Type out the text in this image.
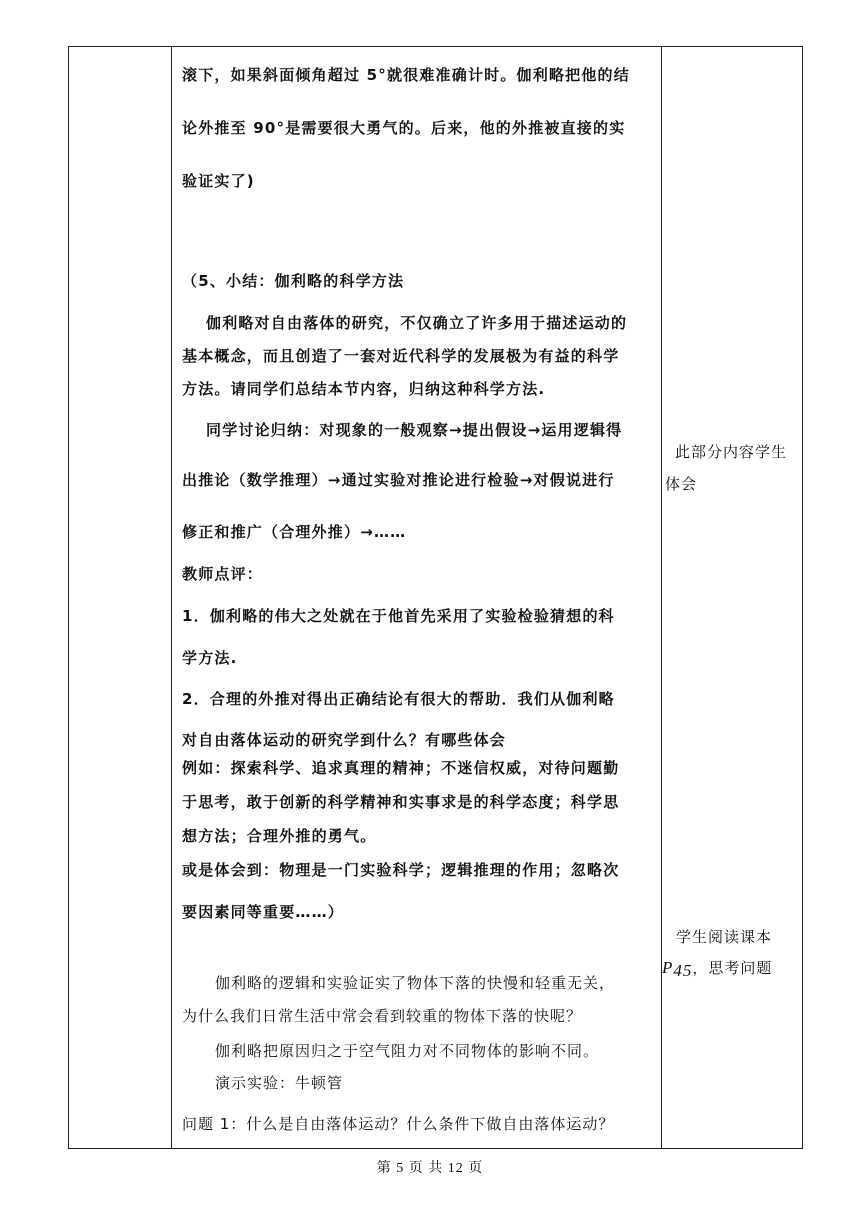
滚下，如果斜面倾角超过 5°就很难准确计时。伽利略把他的结
论外推至 90°是需要很大勇气的。后来，他的外推被直接的实
验证实了)
（5、小结：伽利略的科学方法
伽利略对自由落体的研究，不仅确立了许多用于描述运动的
基本概念，而且创造了一套对近代科学的发展极为有益的科学
方法。请同学们总结本节内容，归纳这种科学方法.
同学讨论归纳：对现象的一般观察→提出假设→运用逻辑得
出推论（数学推理）→通过实验对推论进行检验→对假说进行
修正和推广（合理外推）→……
教师点评：
1．伽利略的伟大之处就在于他首先采用了实验检验猜想的科
学方法.
2．合理的外推对得出正确结论有很大的帮助．我们从伽利略
对自由落体运动的研究学到什么？有哪些体会
例如：探索科学、追求真理的精神；不迷信权威，对待问题勤
于思考，敢于创新的科学精神和实事求是的科学态度；科学思
想方法；合理外推的勇气。
或是体会到：物理是一门实验科学；逻辑推理的作用；忽略次
要因素同等重要……）
伽利略的逻辑和实验证实了物体下落的快慢和轻重无关，
为什么我们日常生活中常会看到较重的物体下落的快呢？
伽利略把原因归之于空气阻力对不同物体的影响不同。
演示实验：牛顿管
问题 1：什么是自由落体运动？什么条件下做自由落体运动？
此部分内容学生
体会
学生阅读课本
P45，思考问题
第 5 页 共 12 页
